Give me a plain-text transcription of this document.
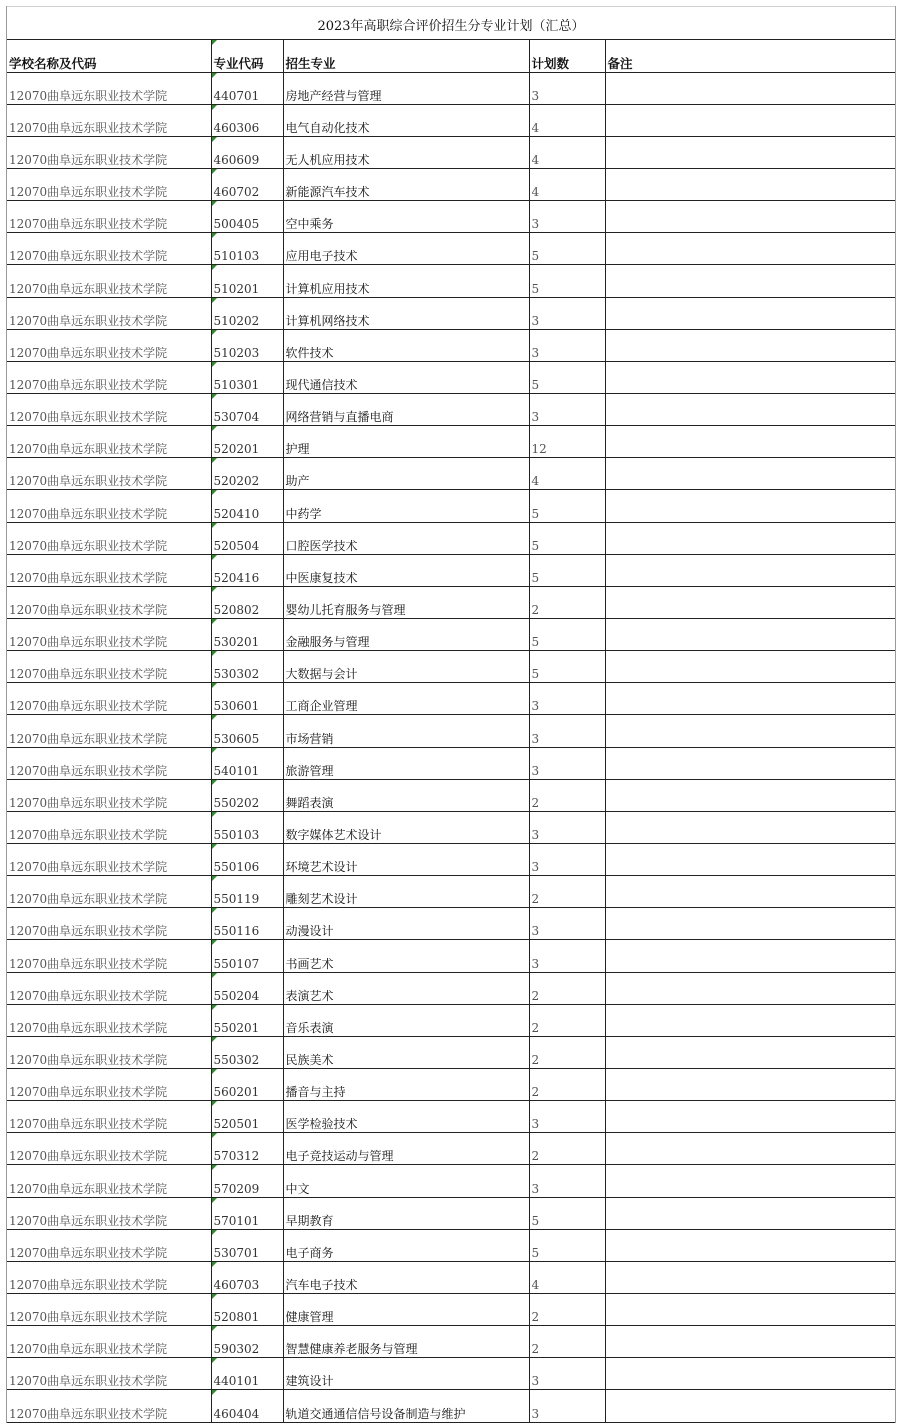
2023年高职综合评价招生分专业计划（汇总）
学校名称及代码	专业代码	招生专业	计划数	备注
12070曲阜远东职业技术学院	440701	房地产经营与管理	3	
12070曲阜远东职业技术学院	460306	电气自动化技术	4	
12070曲阜远东职业技术学院	460609	无人机应用技术	4	
12070曲阜远东职业技术学院	460702	新能源汽车技术	4	
12070曲阜远东职业技术学院	500405	空中乘务	3	
12070曲阜远东职业技术学院	510103	应用电子技术	5	
12070曲阜远东职业技术学院	510201	计算机应用技术	5	
12070曲阜远东职业技术学院	510202	计算机网络技术	3	
12070曲阜远东职业技术学院	510203	软件技术	3	
12070曲阜远东职业技术学院	510301	现代通信技术	5	
12070曲阜远东职业技术学院	530704	网络营销与直播电商	3	
12070曲阜远东职业技术学院	520201	护理	12	
12070曲阜远东职业技术学院	520202	助产	4	
12070曲阜远东职业技术学院	520410	中药学	5	
12070曲阜远东职业技术学院	520504	口腔医学技术	5	
12070曲阜远东职业技术学院	520416	中医康复技术	5	
12070曲阜远东职业技术学院	520802	婴幼儿托育服务与管理	2	
12070曲阜远东职业技术学院	530201	金融服务与管理	5	
12070曲阜远东职业技术学院	530302	大数据与会计	5	
12070曲阜远东职业技术学院	530601	工商企业管理	3	
12070曲阜远东职业技术学院	530605	市场营销	3	
12070曲阜远东职业技术学院	540101	旅游管理	3	
12070曲阜远东职业技术学院	550202	舞蹈表演	2	
12070曲阜远东职业技术学院	550103	数字媒体艺术设计	3	
12070曲阜远东职业技术学院	550106	环境艺术设计	3	
12070曲阜远东职业技术学院	550119	雕刻艺术设计	2	
12070曲阜远东职业技术学院	550116	动漫设计	3	
12070曲阜远东职业技术学院	550107	书画艺术	3	
12070曲阜远东职业技术学院	550204	表演艺术	2	
12070曲阜远东职业技术学院	550201	音乐表演	2	
12070曲阜远东职业技术学院	550302	民族美术	2	
12070曲阜远东职业技术学院	560201	播音与主持	2	
12070曲阜远东职业技术学院	520501	医学检验技术	3	
12070曲阜远东职业技术学院	570312	电子竞技运动与管理	2	
12070曲阜远东职业技术学院	570209	中文	3	
12070曲阜远东职业技术学院	570101	早期教育	5	
12070曲阜远东职业技术学院	530701	电子商务	5	
12070曲阜远东职业技术学院	460703	汽车电子技术	4	
12070曲阜远东职业技术学院	520801	健康管理	2	
12070曲阜远东职业技术学院	590302	智慧健康养老服务与管理	2	
12070曲阜远东职业技术学院	440101	建筑设计	3	
12070曲阜远东职业技术学院	460404	轨道交通通信信号设备制造与维护	3	
